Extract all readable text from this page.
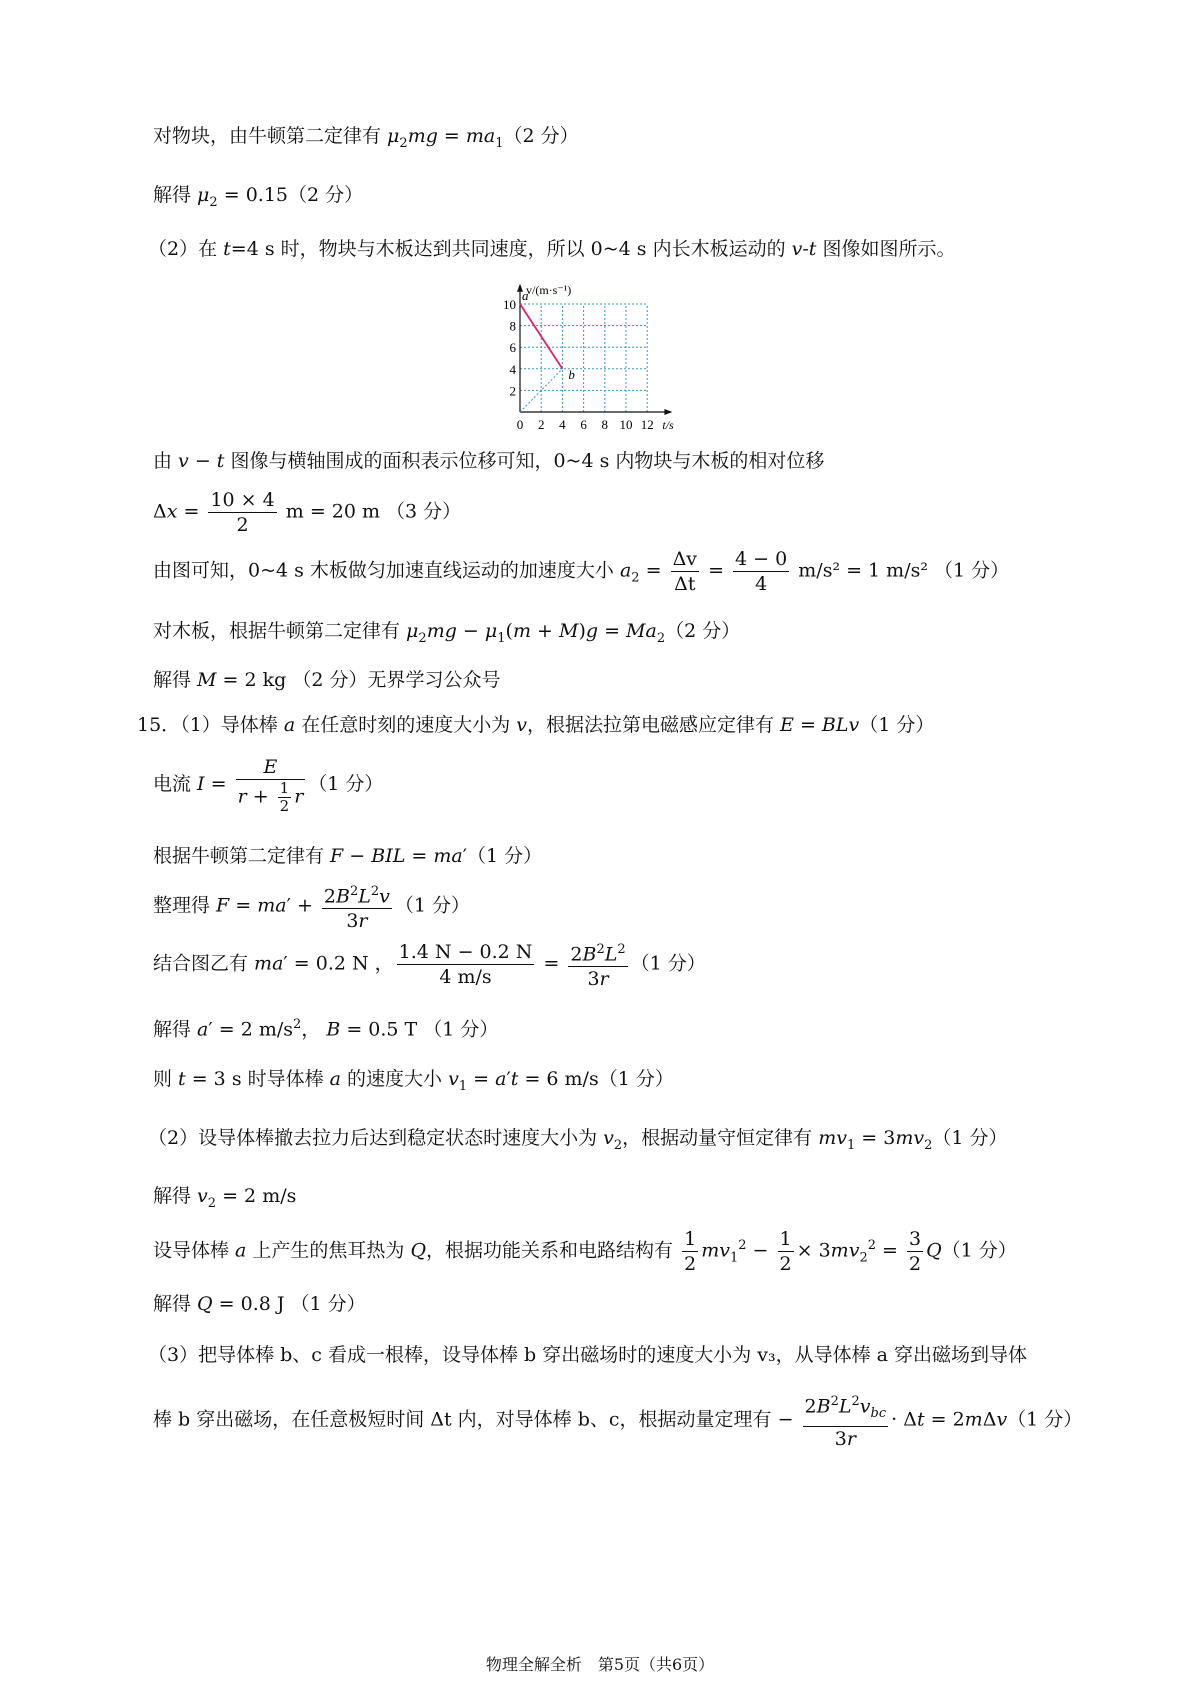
对物块，由牛顿第二定律有 $\mu_2mg = ma_1(2$ 分）
解得 $\mu_2 = 0.15(2$ 分）
（2）在 t=4 s 时，物块与木板达到共同速度，所以 0~4 s 内长木板运动的 v-t 图像如图所示。
0 2 4 6 8 10 12
2
4
6
8
10
v/(m·s⁻¹)
t/s
a
b
由 v − t 图像与横轴围成的面积表示位移可知，0~4 s 内物块与木板的相对位移
$\Delta x = \frac{10 \times 4}{2}$ m = 20 m （3 分）
由图可知，0~4 s 木板做匀加速直线运动的加速度大小 $a_2 = \frac{\Delta v}{\Delta t} = \frac{4 - 0}{4} m/s^2 = 1$ m/s² （1 分）
对木板，根据牛顿第二定律有 $\mu_2mg - \mu_1(m + M)g = Ma_2(2$ 分）
解得 M = 2 kg （2 分）无界学习公众号
15．（1）导体棒 a 在任意时刻的速度大小为 v，根据法拉第电磁感应定律有 E = BLv（1 分）
电流 $I = \frac{E}{r + \frac{1}{2} r} (1$ 分）
根据牛顿第二定律有 F − BIL = ma′（1 分）
整理得 $F = ma' + \frac{2B^2L^2v}{3r} (1$ 分）
结合图乙有 ma′ = 0.2 N ， $\frac{1.4 N - 0.2 N}{4 m/s} = \frac{2B^2L^2}{3r} (1$ 分）
解得 a′ = 2 $m/s^2$， B = 0.5 T （1 分）
则 t = 3 s 时导体棒 a 的速度大小 $v_1 = a't = 6$ m/s（1 分）
（2）设导体棒撤去拉力后达到稳定状态时速度大小为 $v_2$，根据动量守恒定律有 $mv_1 = 3mv_2(1$ 分）
解得 $v_2 = 2$ m/s
设导体棒 a 上产生的焦耳热为 Q，根据功能关系和电路结构有 $\frac{1}{2} mv_1^2 - \frac{1}{2} \times 3mv_2^2 = \frac{3}{2} Q(1$ 分）
解得 Q = 0.8 J （1 分）
（3）把导体棒 b、c 看成一根棒，设导体棒 b 穿出磁场时的速度大小为 v₃，从导体棒 a 穿出磁场到导体
棒 b 穿出磁场，在任意极短时间 Δt 内，对导体棒 b、c，根据动量定理有 − $\frac{2B^2L^2v_{bc}}{3r} \cdot \Delta t = 2m\Delta v(1$ 分）
物理全解全析　第5页（共6页）
